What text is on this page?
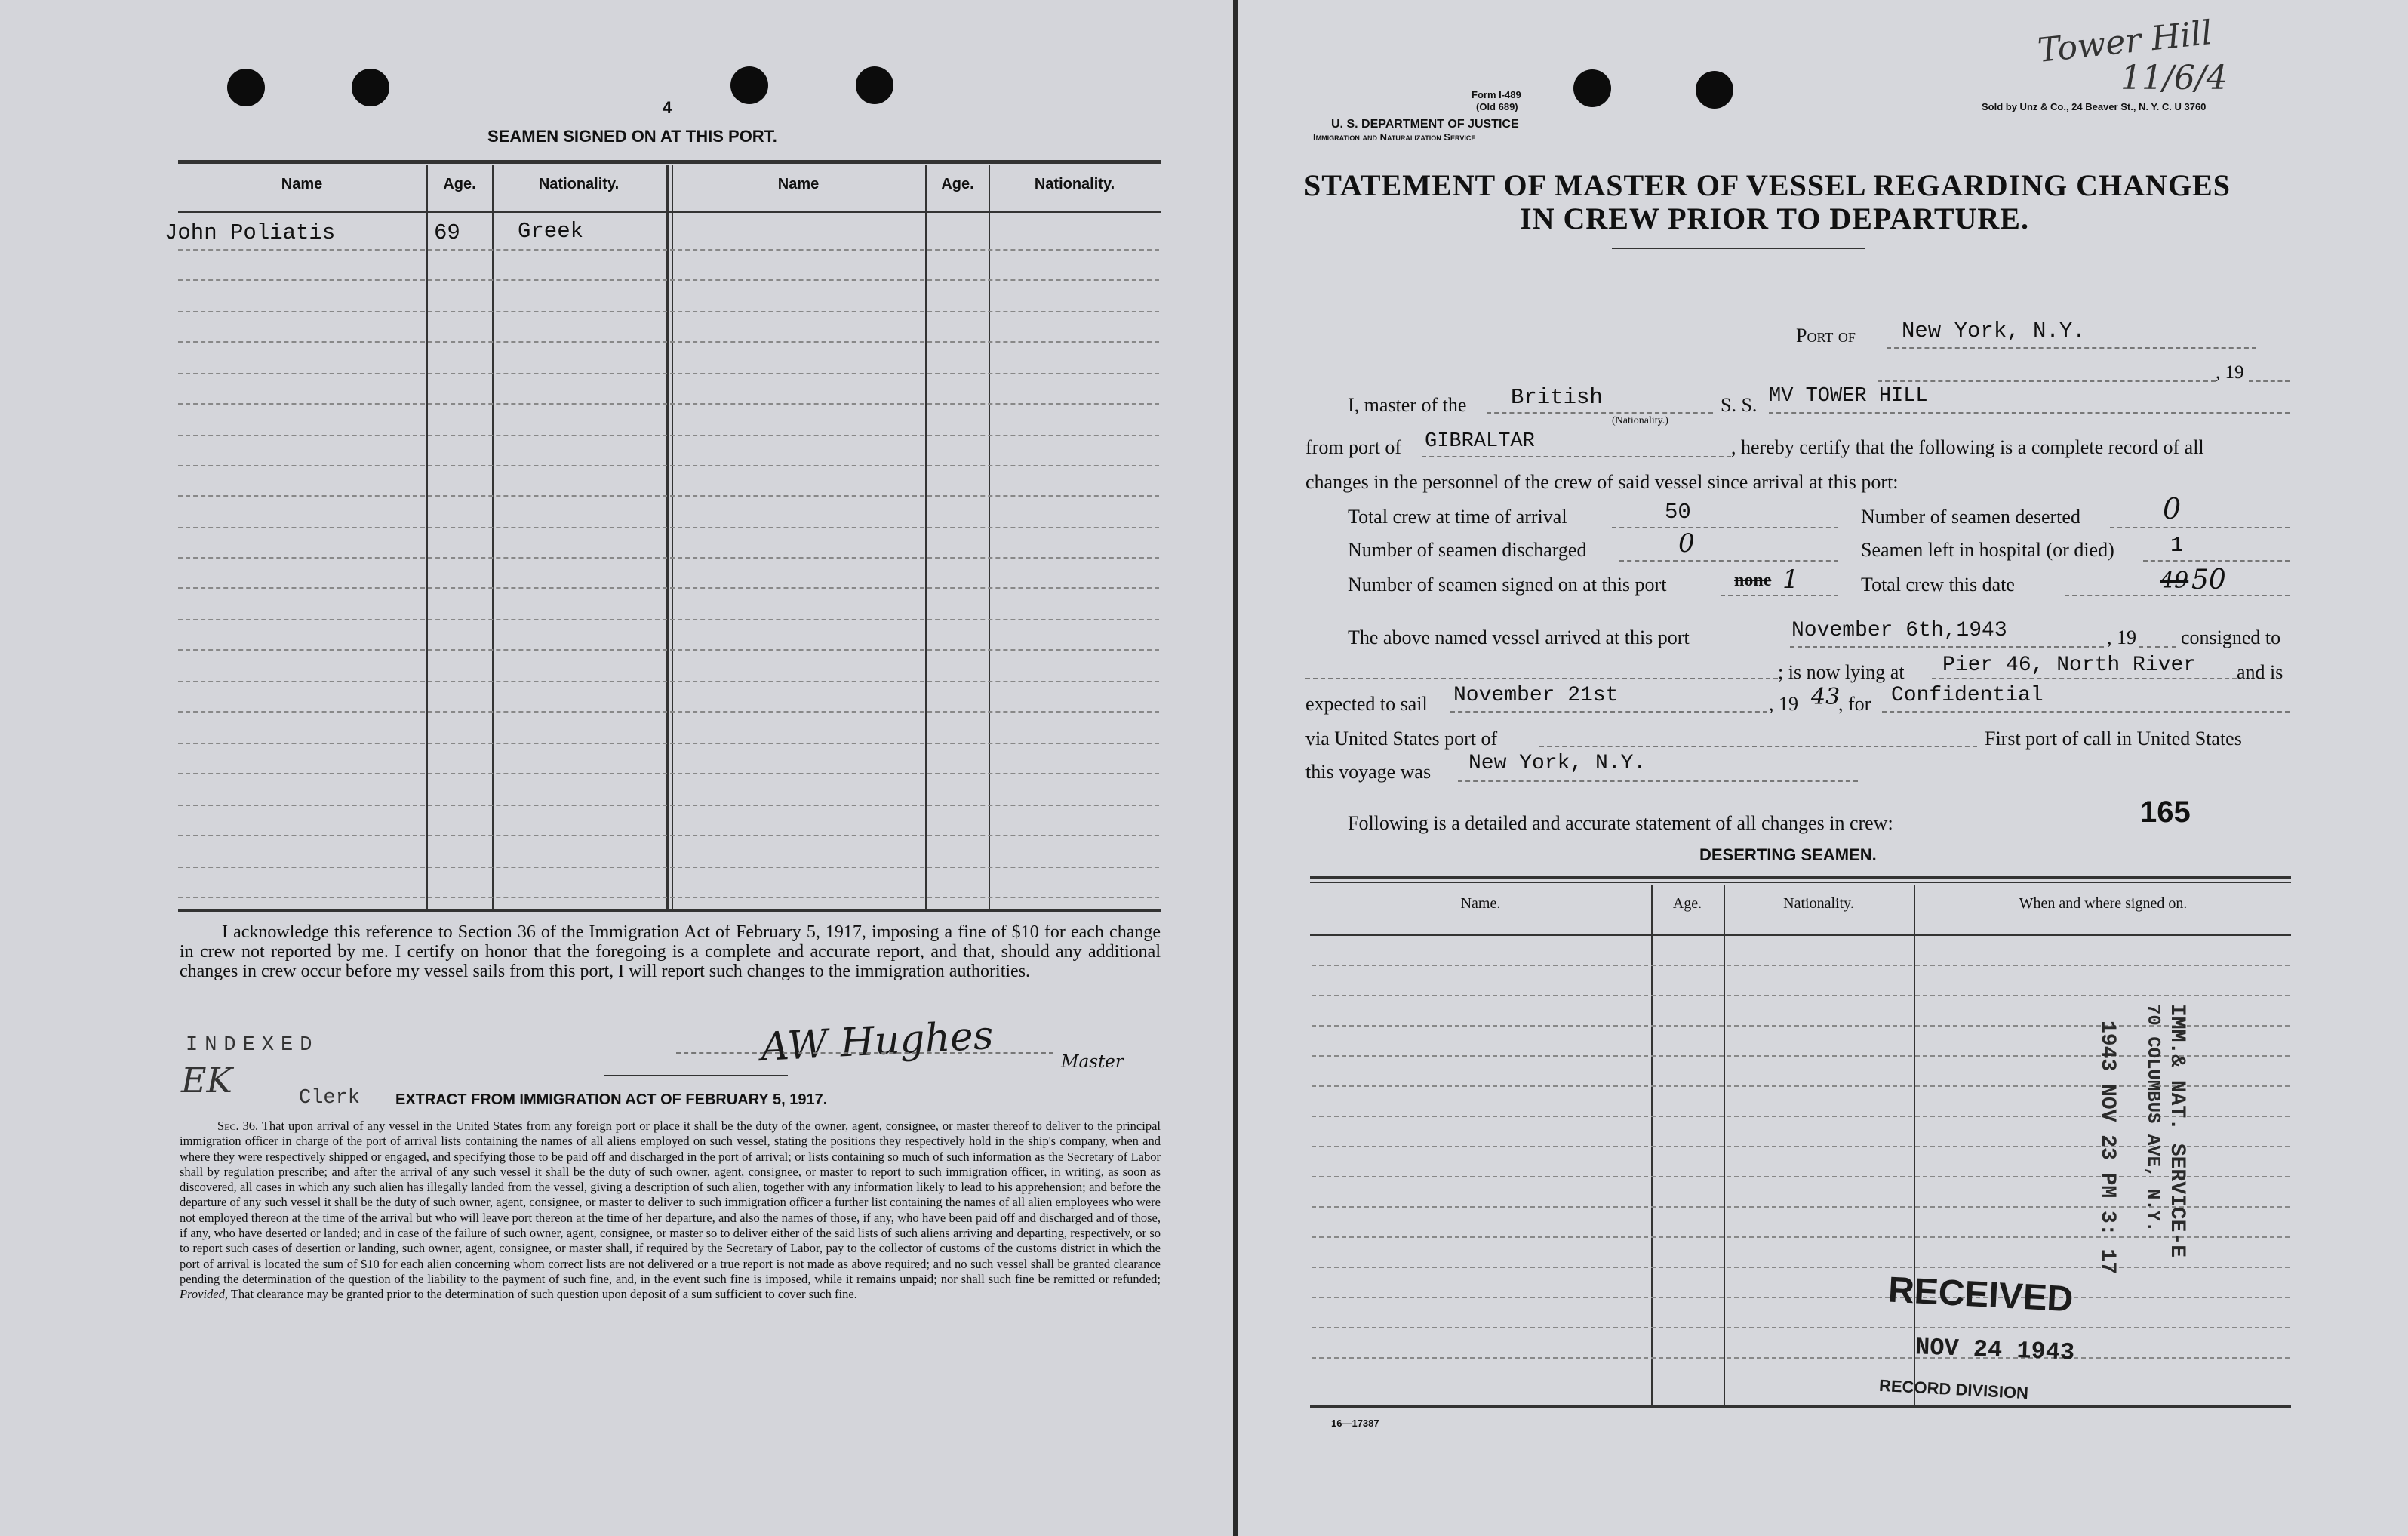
4
SEAMEN SIGNED ON AT THIS PORT.
Name	Age.	Nationality.	Name	Age.	Nationality.
John Poliatis	69	Greek
I acknowledge this reference to Section 36 of the Immigration Act of February 5, 1917, imposing a fine of $10 for each change in crew not reported by me. I certify on honor that the foregoing is a complete and accurate report, and that, should any additional changes in crew occur before my vessel sails from this port, I will report such changes to the immigration authorities.
INDEXED
EK	Clerk
AW Hughes	Master
EXTRACT FROM IMMIGRATION ACT OF FEBRUARY 5, 1917.
Sec. 36. That upon arrival of any vessel in the United States from any foreign port or place it shall be the duty of the owner, agent, consignee, or master thereof to deliver to the principal immigration officer in charge of the port of arrival lists containing the names of all aliens employed on such vessel, stating the positions they respectively hold in the ship's company, when and where they were respectively shipped or engaged, and specifying those to be paid off and discharged in the port of arrival; or lists containing so much of such information as the Secretary of Labor shall by regulation prescribe; and after the arrival of any such vessel it shall be the duty of such owner, agent, consignee, or master to report to such immigration officer, in writing, as soon as discovered, all cases in which any such alien has illegally landed from the vessel, giving a description of such alien, together with any information likely to lead to his apprehension; and before the departure of any such vessel it shall be the duty of such owner, agent, consignee, or master to deliver to such immigration officer a further list containing the names of all alien employees who were not employed thereon at the time of the arrival but who will leave port thereon at the time of her departure, and also the names of those, if any, who have been paid off and discharged and of those, if any, who have deserted or landed; and in case of the failure of such owner, agent, consignee, or master so to deliver either of the said lists of such aliens arriving and departing, respectively, or so to report such cases of desertion or landing, such owner, agent, consignee, or master shall, if required by the Secretary of Labor, pay to the collector of customs of the customs district in which the port of arrival is located the sum of $10 for each alien concerning whom correct lists are not delivered or a true report is not made as above required; and no such vessel shall be granted clearance pending the determination of the question of the liability to the payment of such fine, and, in the event such fine is imposed, while it remains unpaid; nor shall such fine be remitted or refunded; Provided, That clearance may be granted prior to the determination of such question upon deposit of a sum sufficient to cover such fine.
Tower Hill
11/6/4
Form I-489
(Old 689)
U. S. DEPARTMENT OF JUSTICE
Immigration and Naturalization Service
Sold by Unz & Co., 24 Beaver St., N. Y. C. U 3760
STATEMENT OF MASTER OF VESSEL REGARDING CHANGES
IN CREW PRIOR TO DEPARTURE.
Port of New York, N.Y.
, 19
I, master of the British
(Nationality.)
S. S. MV TOWER HILL
from port of GIBRALTAR	, hereby certify that the following is a complete record of all
changes in the personnel of the crew of said vessel since arrival at this port:
Total crew at time of arrival	50	Number of seamen deserted	0
Number of seamen discharged	0	Seamen left in hospital (or died)	1
Number of seamen signed on at this port	none 1	Total crew this date	49 50
The above named vessel arrived at this port	November 6th,1943	, 19 consigned to
; is now lying at Pier 46, North River and is
expected to sail November 21st	, 19 43
, for Confidential
via United States port of	First port of call in United States
this voyage was New York, N.Y.
Following is a detailed and accurate statement of all changes in crew:	165
DESERTING SEAMEN.
Name.	Age.	Nationality.	When and where signed on.
IMM.& NAT. SERVICE-E
70 COLUMBUS AVE, N.Y.
1943 NOV 23 PM 3: 17
RECEIVED
NOV 24 1943
RECORD DIVISION
16—17387
